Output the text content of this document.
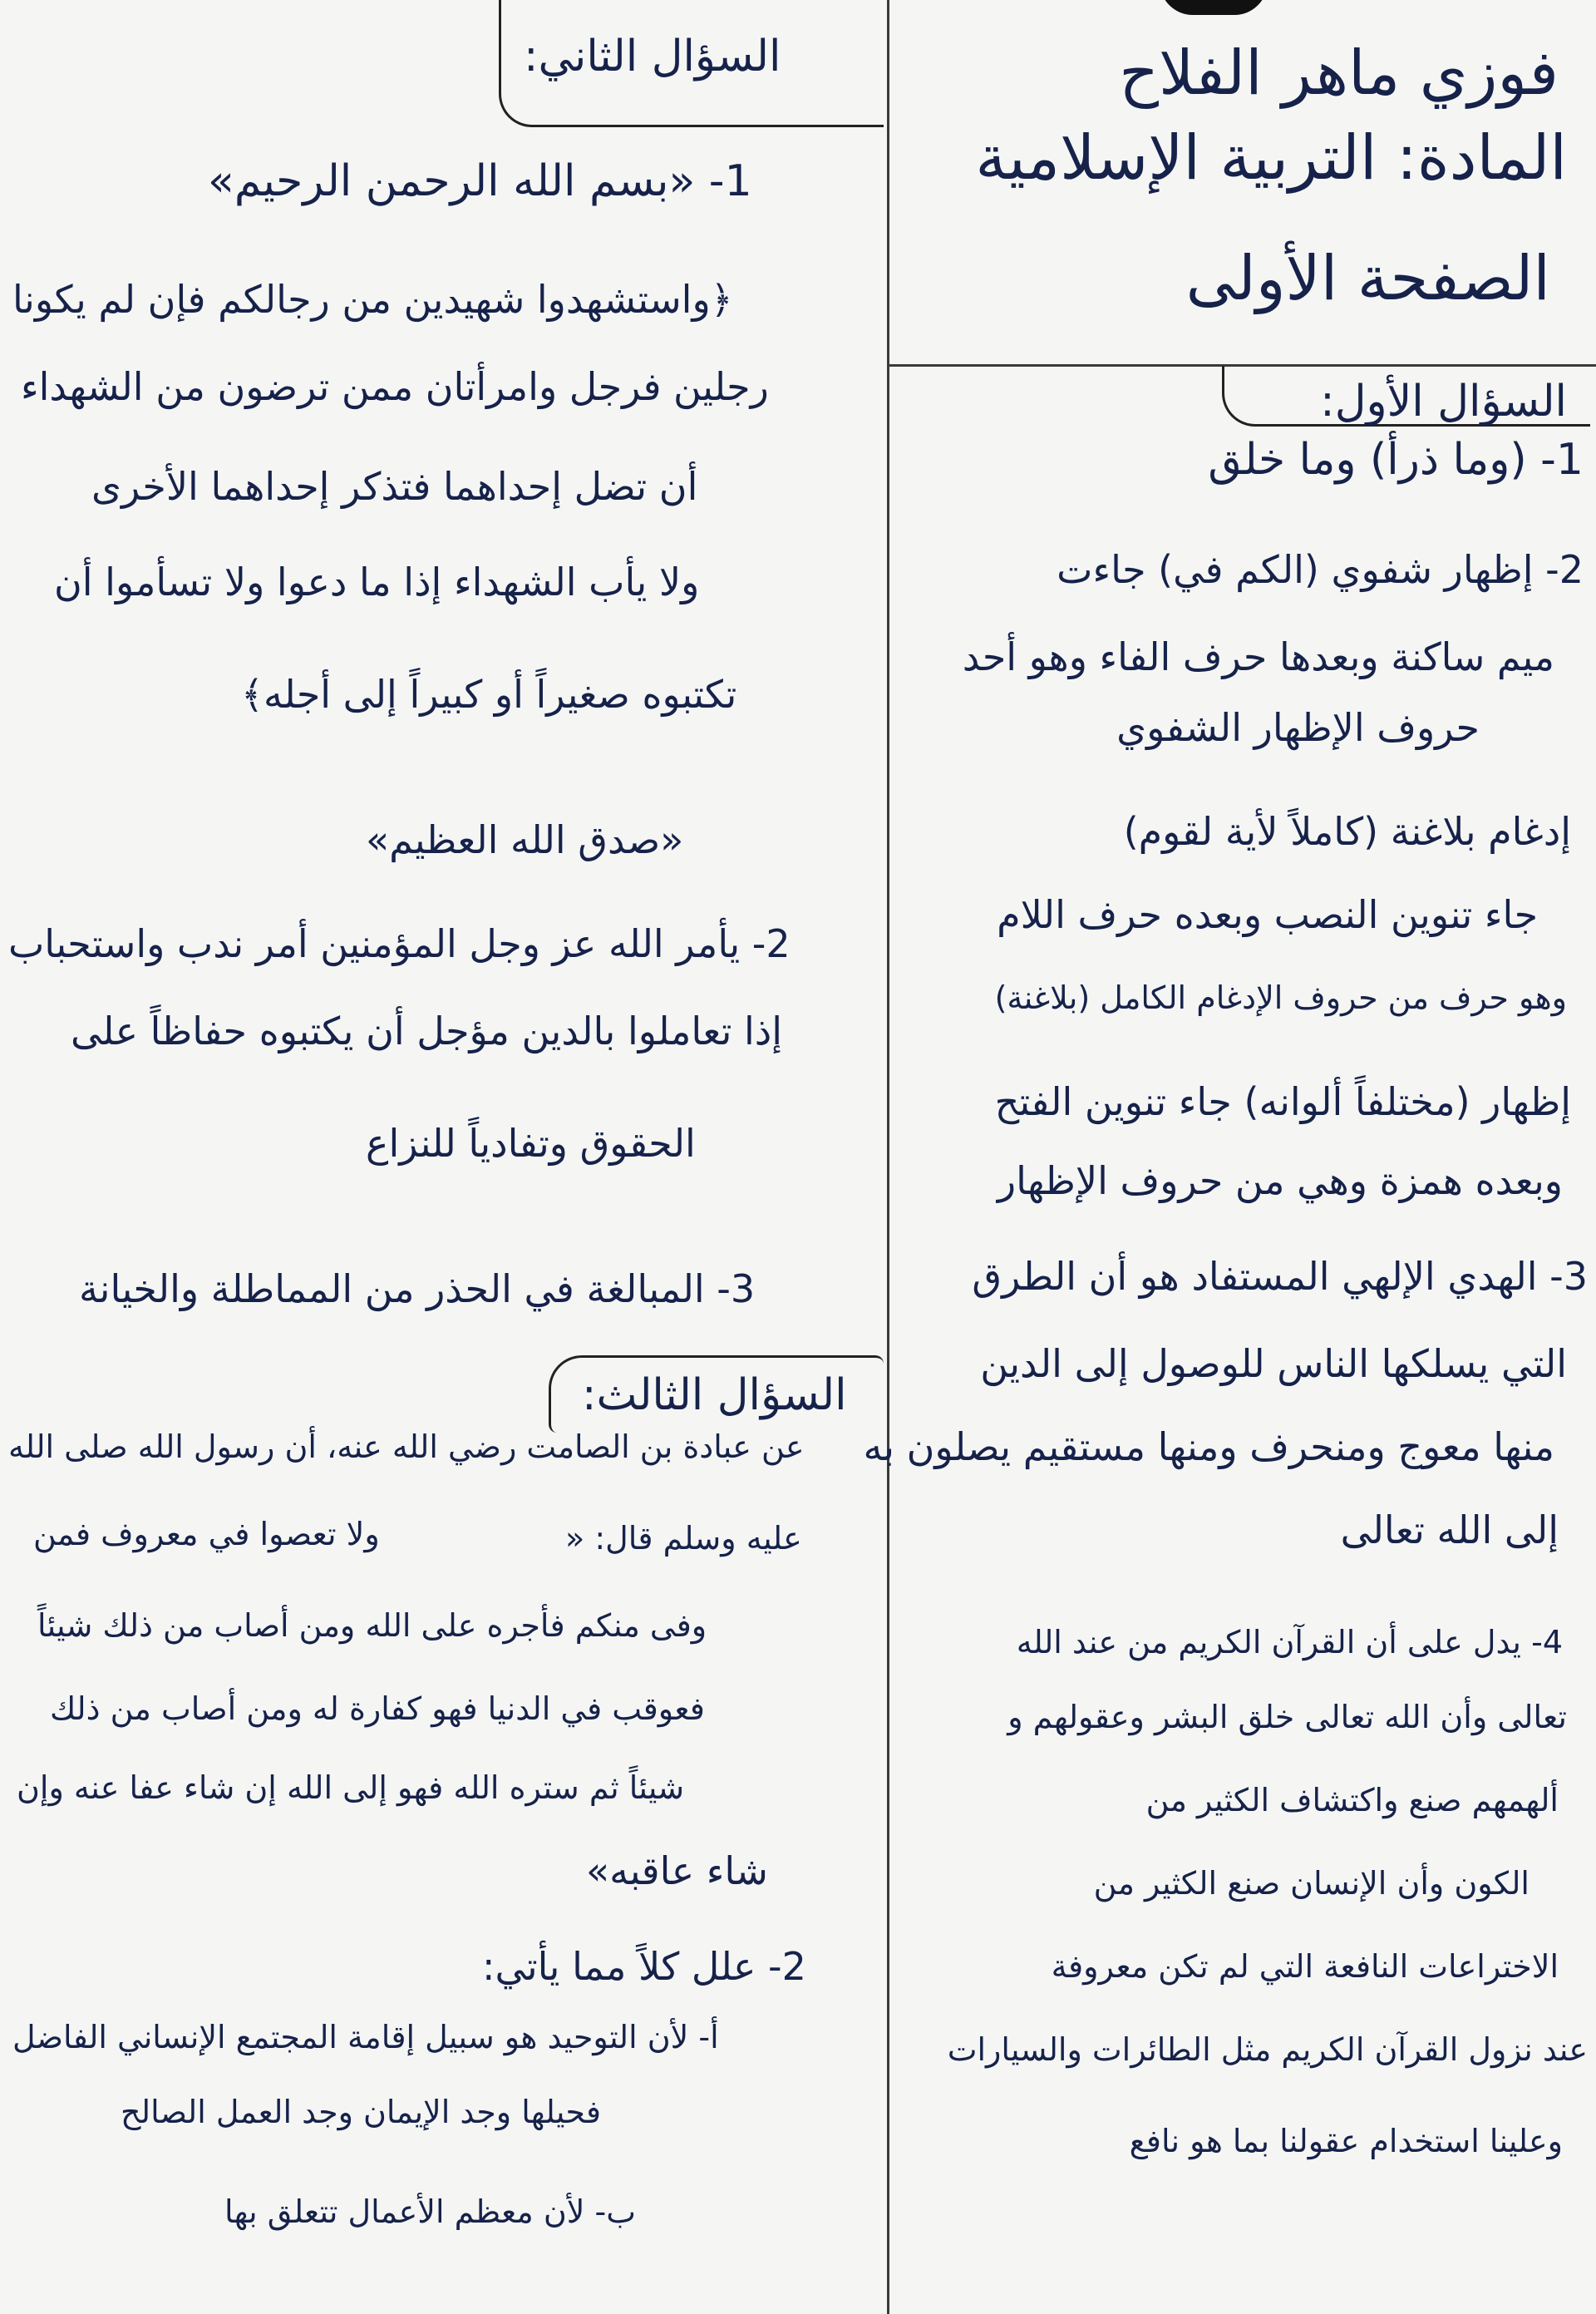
فوزي ماهر الفلاح
المادة: التربية الإسلامية
الصفحة الأولى
السؤال الأول:
1- (وما ذرأ) وما خلق
2- إظهار شفوي (الكم في) جاءت
ميم ساكنة وبعدها حرف الفاء وهو أحد
حروف الإظهار الشفوي
إدغام بلاغنة (كاملاً لأية لقوم)
جاء تنوين النصب وبعده حرف اللام
وهو حرف من حروف الإدغام الكامل (بلاغنة)
إظهار (مختلفاً ألوانه) جاء تنوين الفتح
وبعده همزة وهي من حروف الإظهار
3- الهدي الإلهي المستفاد هو أن الطرق
التي يسلكها الناس للوصول إلى الدين
منها معوج ومنحرف ومنها مستقيم يصلون به
إلى الله تعالى
4- يدل على أن القرآن الكريم من عند الله
تعالى وأن الله تعالى خلق البشر وعقولهم و
ألهمهم صنع واكتشاف الكثير من
الكون وأن الإنسان صنع الكثير من
الاختراعات النافعة التي لم تكن معروفة
عند نزول القرآن الكريم مثل الطائرات والسيارات
وعلينا استخدام عقولنا بما هو نافع
السؤال الثاني:
1- «بسم الله الرحمن الرحيم»
﴿واستشهدوا شهيدين من رجالكم فإن لم يكونا
رجلين فرجل وامرأتان ممن ترضون من الشهداء
أن تضل إحداهما فتذكر إحداهما الأخرى
ولا يأب الشهداء إذا ما دعوا ولا تسأموا أن
تكتبوه صغيراً أو كبيراً إلى أجله﴾
«صدق الله العظيم»
2- يأمر الله عز وجل المؤمنين أمر ندب واستحباب
إذا تعاملوا بالدين مؤجل أن يكتبوه حفاظاً على
الحقوق وتفادياً للنزاع
3- المبالغة في الحذر من المماطلة والخيانة
السؤال الثالث:
عن عبادة بن الصامت رضي الله عنه، أن رسول الله صلى الله
ولا تعصوا في معروف فمن	عليه وسلم قال: «
وفى منكم فأجره على الله ومن أصاب من ذلك شيئاً
فعوقب في الدنيا فهو كفارة له ومن أصاب من ذلك
شيئاً ثم ستره الله فهو إلى الله إن شاء عفا عنه وإن
شاء عاقبه»
2- علل كلاً مما يأتي:
أ- لأن التوحيد هو سبيل إقامة المجتمع الإنساني الفاضل
فحيلها وجد الإيمان وجد العمل الصالح
ب- لأن معظم الأعمال تتعلق بها
